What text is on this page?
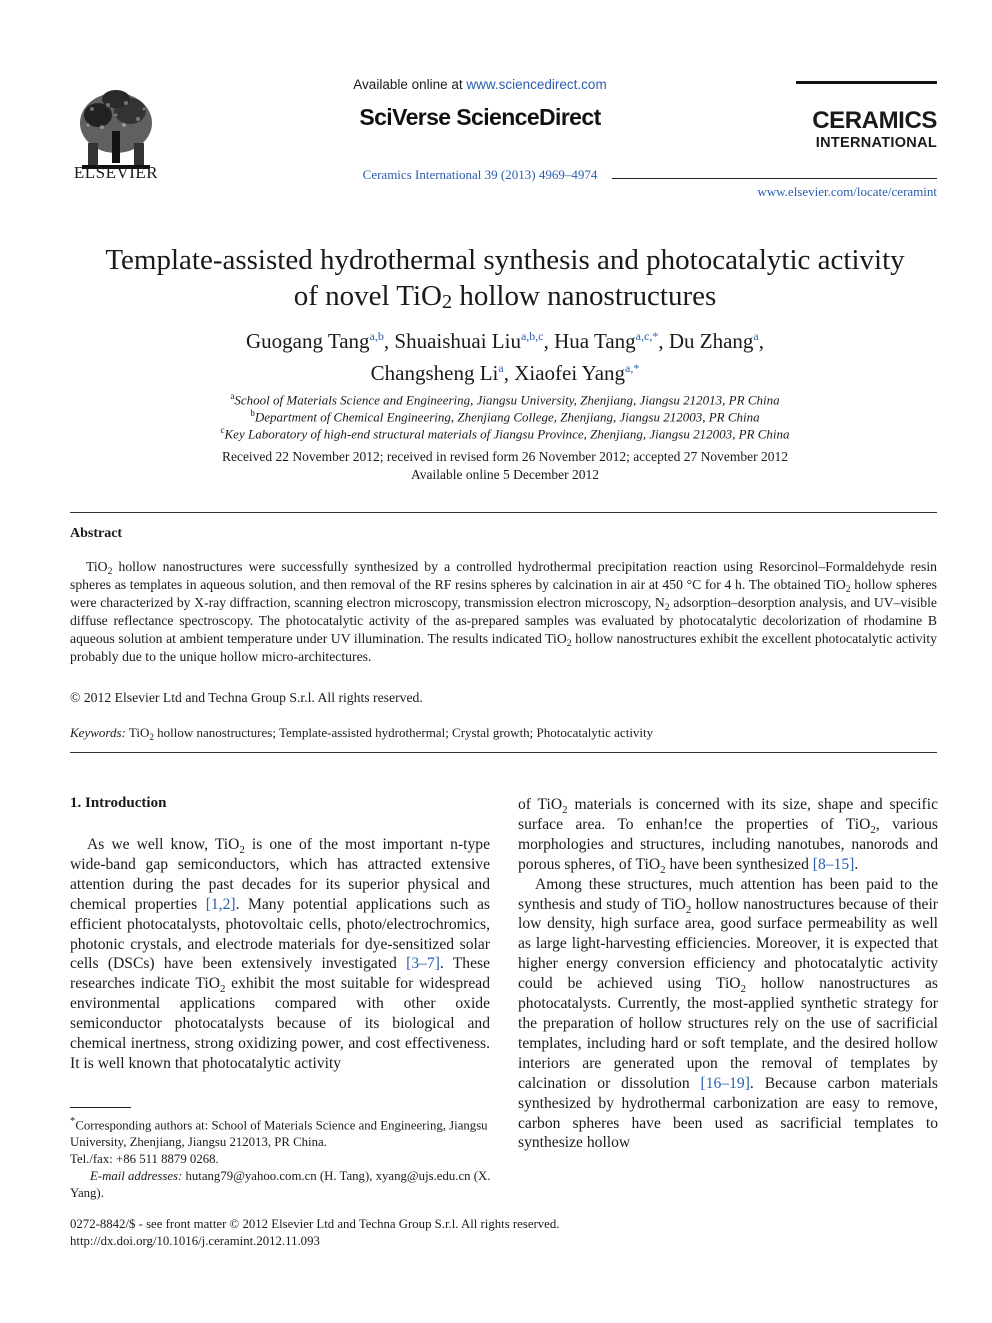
ELSEVIER
Available online at www.sciencedirect.com
SciVerse ScienceDirect
Ceramics International 39 (2013) 4969–4974
CERAMICS
INTERNATIONAL
www.elsevier.com/locate/ceramint
Template-assisted hydrothermal synthesis and photocatalytic activity
of novel TiO$_2$ hollow nanostructures
Guogang Tang$^{a,b}$, Shuaishuai Liu$^{a,b,c}$, Hua Tang$^{a,c,*}$, Du Zhang$^a$,
Changsheng Li$^a$, Xiaofei Yang$^{a,*}$
$^a$School of Materials Science and Engineering, Jiangsu University, Zhenjiang, Jiangsu 212013, PR China
$^b$Department of Chemical Engineering, Zhenjiang College, Zhenjiang, Jiangsu 212003, PR China
$^c$Key Laboratory of high-end structural materials of Jiangsu Province, Zhenjiang, Jiangsu 212003, PR China
Received 22 November 2012; received in revised form 26 November 2012; accepted 27 November 2012
Available online 5 December 2012
Abstract
TiO$_2$ hollow nanostructures were successfully synthesized by a controlled hydrothermal precipitation reaction using Resorcinol–Formaldehyde resin spheres as templates in aqueous solution, and then removal of the RF resins spheres by calcination in air at 450 °C for 4 h. The obtained TiO$_2$ hollow spheres were characterized by X-ray diffraction, scanning electron microscopy, transmission electron microscopy, $N_2$ adsorption–desorption analysis, and UV–visible diffuse reflectance spectroscopy. The photocatalytic activity of the as-prepared samples was evaluated by photocatalytic decolorization of rhodamine B aqueous solution at ambient temperature under UV illumination. The results indicated TiO$_2$ hollow nanostructures exhibit the excellent photocatalytic activity probably due to the unique hollow micro-architectures.
© 2012 Elsevier Ltd and Techna Group S.r.l. All rights reserved.
Keywords: TiO$_2$ hollow nanostructures; Template-assisted hydrothermal; Crystal growth; Photocatalytic activity
1. Introduction

As we well know, TiO$_2$ is one of the most important n-type wide-band gap semiconductors, which has attracted extensive attention during the past decades for its superior physical and chemical properties [1,2]. Many potential applications such as efficient photocatalysts, photovoltaic cells, photo/electrochromics, photonic crystals, and electrode materials for dye-sensitized solar cells (DSCs) have been extensively investigated [3–7]. These researches indicate TiO$_2$ exhibit the most suitable for widespread environmental applications compared with other oxide semiconductor photocatalysts because of its biological and chemical inertness, strong oxidizing power, and cost effectiveness. It is well known that photocatalytic activity

of TiO$_2$ materials is concerned with its size, shape and specific surface area. To enhan!ce the properties of TiO$_2$, various morphologies and structures, including nanotubes, nanorods and porous spheres, of TiO$_2$ have been synthesized [8–15].

Among these structures, much attention has been paid to the synthesis and study of TiO$_2$ hollow nanostructures because of their low density, high surface area, good surface permeability as well as large light-harvesting efficiencies. Moreover, it is expected that higher energy conversion efficiency and photocatalytic activity could be achieved using TiO$_2$ hollow nanostructures as photocatalysts. Currently, the most-applied synthetic strategy for the preparation of hollow structures rely on the use of sacrificial templates, including hard or soft template, and the desired hollow interiors are generated upon the removal of templates by calcination or dissolution [16–19]. Because carbon materials synthesized by hydrothermal carbonization are easy to remove, carbon spheres have been used as sacrificial templates to synthesize hollow

*Corresponding authors at: School of Materials Science and Engineering, Jiangsu University, Zhenjiang, Jiangsu 212013, PR China.

Tel./fax: +86 511 8879 0268.

E-mail addresses: hutang79@yahoo.com.cn (H. Tang), xyang@ujs.edu.cn (X. Yang).

0272-8842/$ - see front matter © 2012 Elsevier Ltd and Techna Group S.r.l. All rights reserved.

http://dx.doi.org/10.1016/j.ceramint.2012.11.093
